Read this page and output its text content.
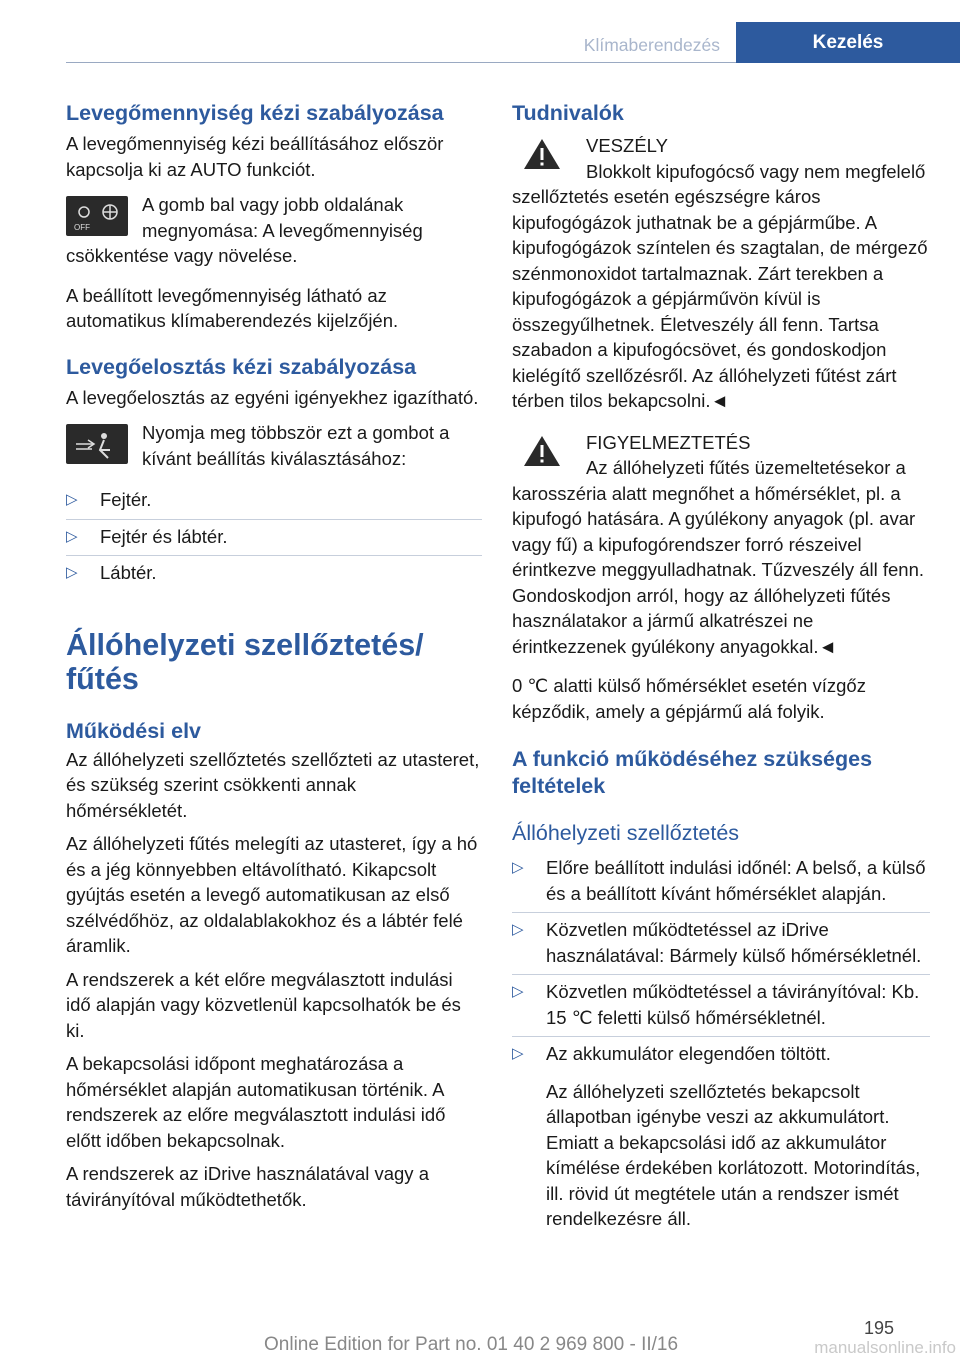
Klímaberendezés	Kezelés
Levegőmennyiség kézi szabályozása

A levegőmennyiség kézi beállításához először kapcsolja ki az AUTO funkciót.

OFF

A gomb bal vagy jobb oldalának megnyomása: A levegőmennyiség csökkentése vagy növelése.

A beállított levegőmennyiség látható az automatikus klímaberendezés kijelzőjén.

Levegőelosztás kézi szabályozása

A levegőelosztás az egyéni igényekhez igazítható.

Nyomja meg többször ezt a gombot a kívánt beállítás kiválasztásához:

▷ Fejtér.
▷ Fejtér és lábtér.
▷ Lábtér.
Állóhelyzeti szellőztetés/ fűtés
Működési elv

Az állóhelyzeti szellőztetés szellőzteti az utasteret, és szükség szerint csökkenti annak hőmérsékletét.

Az állóhelyzeti fűtés melegíti az utasteret, így a hó és a jég könnyebben eltávolítható. Kikapcsolt gyújtás esetén a levegő automatikusan az első szélvédőhöz, az oldalablakokhoz és a lábtér felé áramlik.

A rendszerek a két előre megválasztott indulási idő alapján vagy közvetlenül kapcsolhatók be és ki.

A bekapcsolási időpont meghatározása a hőmérséklet alapján automatikusan történik. A rendszerek az előre megválasztott indulási idő előtt időben bekapcsolnak.

A rendszerek az iDrive használatával vagy a távirányítóval működtethetők.

Tudnivalók

VESZÉLY

Blokkolt kipufogócső vagy nem megfelelő szellőztetés esetén egészségre káros kipufogógázok juthatnak be a gépjárműbe. A kipufogógázok színtelen és szagtalan, de mérgező szénmonoxidot tartalmaznak. Zárt terekben a kipufogógázok a gépjárművön kívül is összegyűlhetnek. Életveszély áll fenn. Tartsa szabadon a kipufogócsövet, és gondoskodjon kielégítő szellőzésről. Az állóhelyzeti fűtést zárt térben tilos bekapcsolni.◄

FIGYELMEZTETÉS

Az állóhelyzeti fűtés üzemeltetésekor a karosszéria alatt megnőhet a hőmérséklet, pl. a kipufogó hatására. A gyúlékony anyagok (pl. avar vagy fű) a kipufogórendszer forró részeivel érintkezve meggyulladhatnak. Tűzveszély áll fenn. Gondoskodjon arról, hogy az állóhelyzeti fűtés használatakor a jármű alkatrészei ne érintkezzenek gyúlékony anyagokkal.◄

0 ℃ alatti külső hőmérséklet esetén vízgőz képződik, amely a gépjármű alá folyik.

A funkció működéséhez szükséges feltételek
Állóhelyzeti szellőztetés
▷ Előre beállított indulási időnél: A belső, a külső és a beállított kívánt hőmérséklet alapján.
▷ Közvetlen működtetéssel az iDrive használatával: Bármely külső hőmérsékletnél.
▷ Közvetlen működtetéssel a távirányítóval: Kb. 15 ℃ feletti külső hőmérsékletnél.
▷ Az akkumulátor elegendően töltött.

Az állóhelyzeti szellőztetés bekapcsolt állapotban igénybe veszi az akkumulátort. Emiatt a bekapcsolási idő az akkumulátor kímélése érdekében korlátozott. Motorindítás, ill. rövid út megtétele után a rendszer ismét rendelkezésre áll.

195
Online Edition for Part no. 01 40 2 969 800 - II/16	manualsonline.info
